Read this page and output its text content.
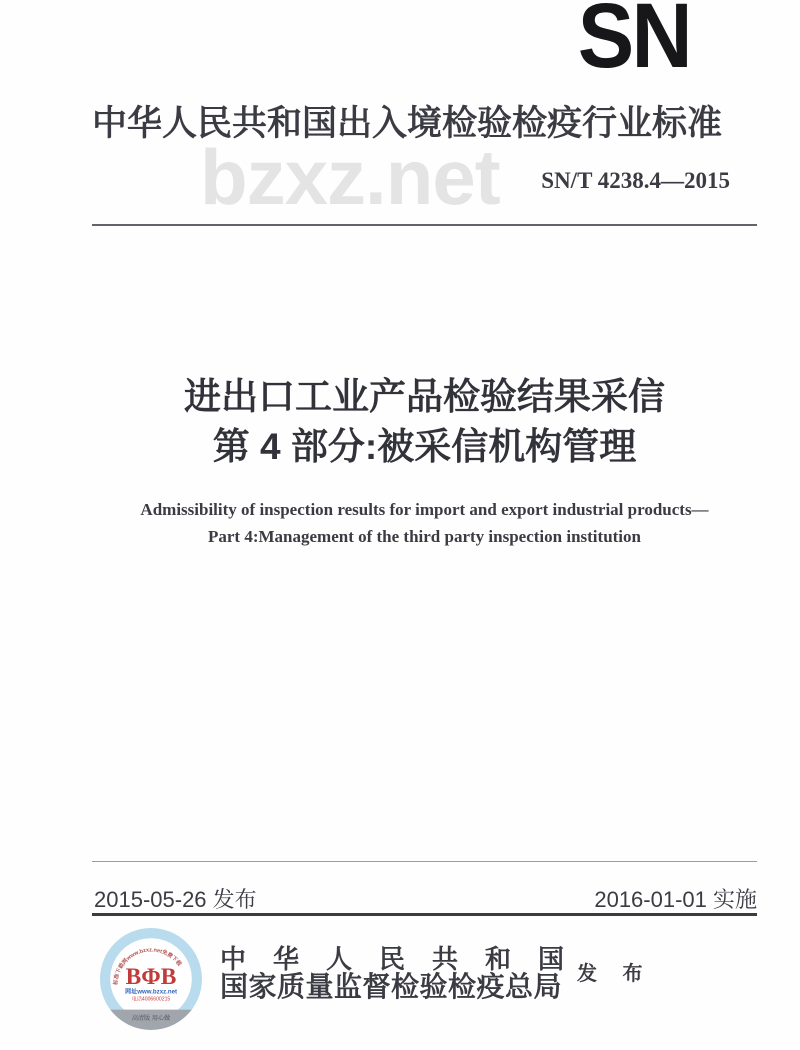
SN
bzxz.net
中华人民共和国出入境检验检疫行业标准
SN/T 4238.4—2015
进出口工业产品检验结果采信
第 4 部分:被采信机构管理
Admissibility of inspection results for import and export industrial products—
Part 4:Management of the third party inspection institution
2015-05-26 发布	2016-01-01 实施
标准下载网www.bzxz.net免费下载
ΒΦΒ
网址www.bzxz.net
电话4006600215
高清版 用心做
中华人民共和国
国家质量监督检验检疫总局 发 布
